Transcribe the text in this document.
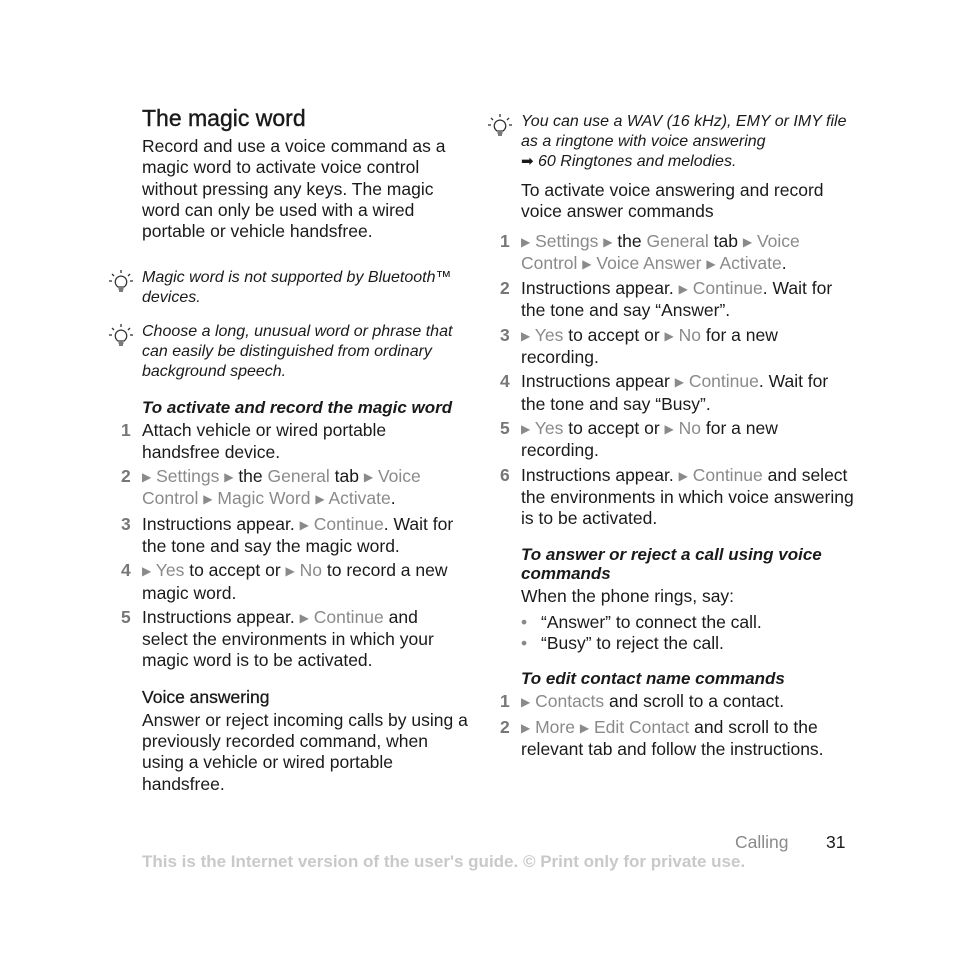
The magic word

Record and use a voice command as a magic word to activate voice control without pressing any keys. The magic word can only be used with a wired portable or vehicle handsfree.

Magic word is not supported by Bluetooth™ devices.
Choose a long, unusual word or phrase that can easily be distinguished from ordinary background speech.

To activate and record the magic word

1 Attach vehicle or wired portable handsfree device.
2 ▶ Settings ▶ the General tab ▶ Voice Control ▶ Magic Word ▶ Activate.
3 Instructions appear. ▶ Continue. Wait for the tone and say the magic word.
4 ▶ Yes to accept or ▶ No to record a new magic word.
5 Instructions appear. ▶ Continue and select the environments in which your magic word is to be activated.

Voice answering

Answer or reject incoming calls by using a previously recorded command, when using a vehicle or wired portable handsfree.

You can use a WAV (16 kHz), EMY or IMY file as a ringtone with voice answering
➡ 60 Ringtones and melodies.

To activate voice answering and record voice answer commands

1 ▶ Settings ▶ the General tab ▶ Voice Control ▶ Voice Answer ▶ Activate.
2 Instructions appear. ▶ Continue. Wait for the tone and say “Answer”.
3 ▶ Yes to accept or ▶ No for a new recording.
4 Instructions appear ▶ Continue. Wait for the tone and say “Busy”.
5 ▶ Yes to accept or ▶ No for a new recording.
6 Instructions appear. ▶ Continue and select the environments in which voice answering is to be activated.

To answer or reject a call using voice commands

When the phone rings, say:

• “Answer” to connect the call.
• “Busy” to reject the call.

To edit contact name commands

1 ▶ Contacts and scroll to a contact.
2 ▶ More ▶ Edit Contact and scroll to the relevant tab and follow the instructions.
Calling 31
This is the Internet version of the user's guide. © Print only for private use.
